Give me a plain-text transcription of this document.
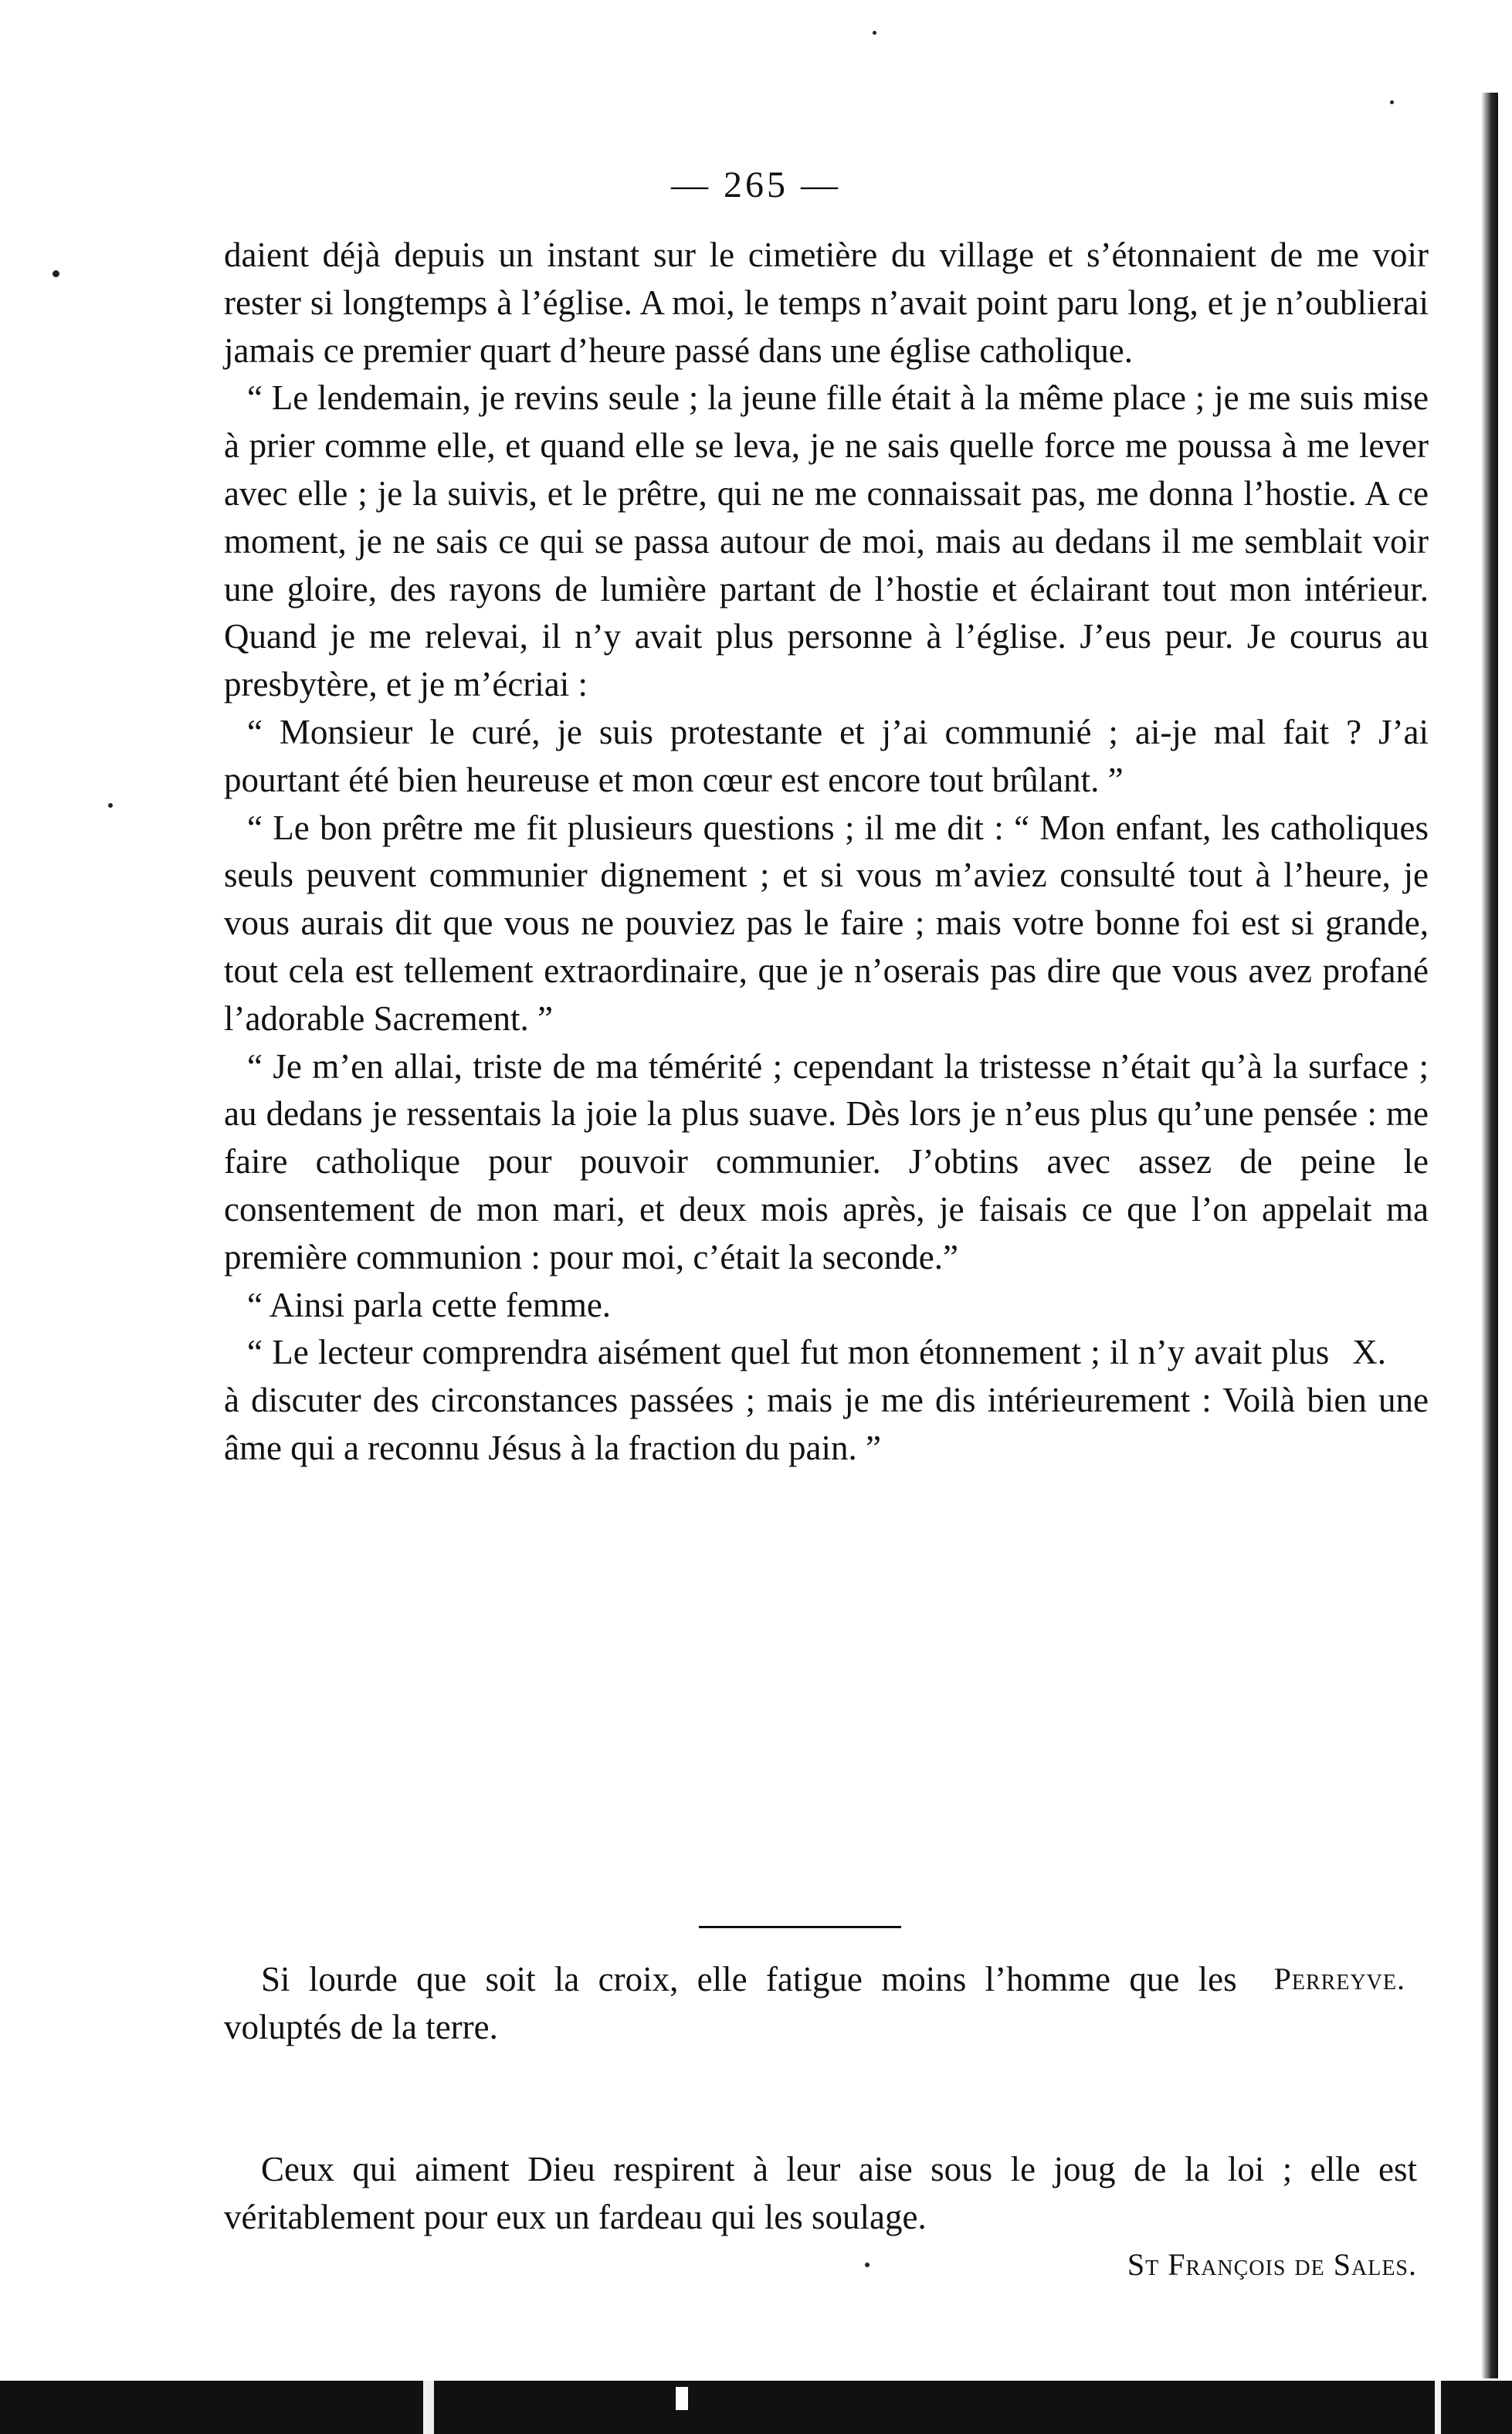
— 265 —

daient déjà depuis un instant sur le cimetière du village et s’étonnaient de me voir rester si longtemps à l’église. A moi, le temps n’avait point paru long, et je n’oublierai jamais ce premier quart d’heure passé dans une église catholique.

“ Le lendemain, je revins seule ; la jeune fille était à la même place ; je me suis mise à prier comme elle, et quand elle se leva, je ne sais quelle force me poussa à me lever avec elle ; je la suivis, et le prêtre, qui ne me connaissait pas, me donna l’hostie. A ce moment, je ne sais ce qui se passa autour de moi, mais au dedans il me semblait voir une gloire, des rayons de lumière partant de l’hostie et éclairant tout mon intérieur. Quand je me relevai, il n’y avait plus personne à l’église. J’eus peur. Je courus au presbytère, et je m’écriai :

“ Monsieur le curé, je suis protestante et j’ai communié ; ai-je mal fait ? J’ai pourtant été bien heureuse et mon cœur est encore tout brûlant. ”

“ Le bon prêtre me fit plusieurs questions ; il me dit : “ Mon enfant, les catholiques seuls peuvent communier dignement ; et si vous m’aviez consulté tout à l’heure, je vous aurais dit que vous ne pouviez pas le faire ; mais votre bonne foi est si grande, tout cela est tellement extraordinaire, que je n’oserais pas dire que vous avez profané l’adorable Sacrement. ”

“ Je m’en allai, triste de ma témérité ; cependant la tristesse n’était qu’à la surface ; au dedans je ressentais la joie la plus suave. Dès lors je n’eus plus qu’une pensée : me faire catholique pour pouvoir communier. J’obtins avec assez de peine le consentement de mon mari, et deux mois après, je faisais ce que l’on appelait ma première communion : pour moi, c’était la seconde.”

“ Ainsi parla cette femme.

X.
“ Le lecteur comprendra aisément quel fut mon étonnement ; il n’y avait plus à discuter des circonstances passées ; mais je me dis intérieurement : Voilà bien une âme qui a reconnu Jésus à la fraction du pain. ”

Perreyve.
Si lourde que soit la croix, elle fatigue moins l’homme que les voluptés de la terre.

Ceux qui aiment Dieu respirent à leur aise sous le joug de la loi ; elle est véritablement pour eux un fardeau qui les soulage.

St François de Sales.
